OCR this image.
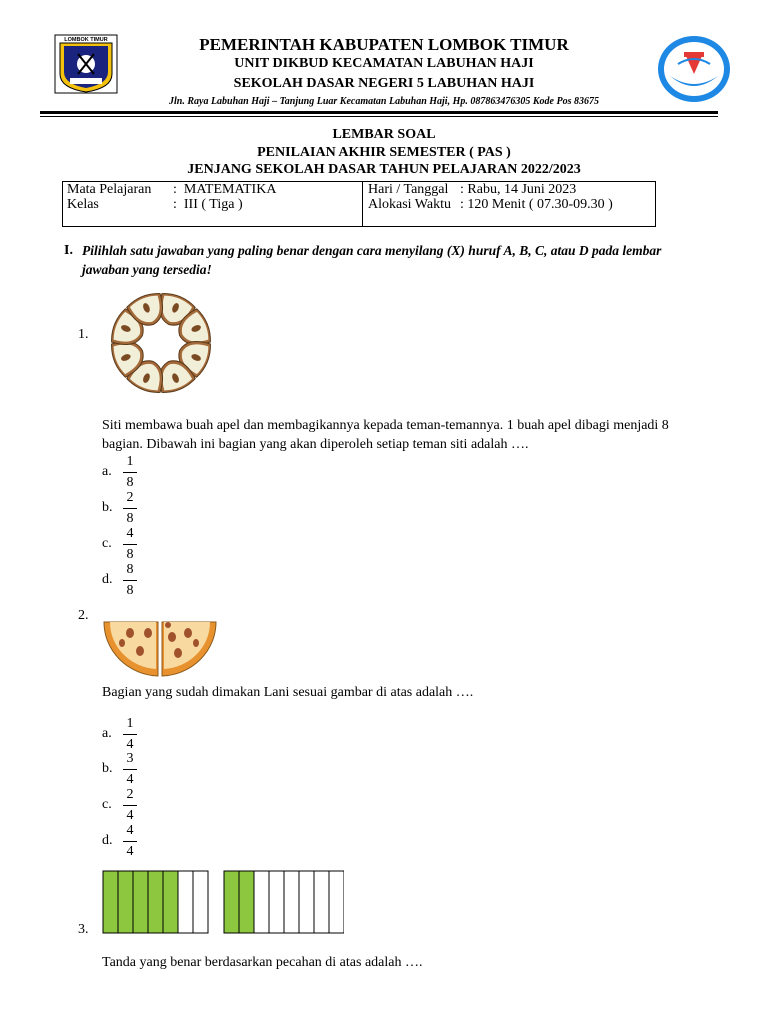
LOMBOK TIMUR	PEMERINTAH KABUPATEN LOMBOK TIMUR
UNIT DIKBUD KECAMATAN LABUHAN HAJI
SEKOLAH DASAR NEGERI 5 LABUHAN HAJI
Jln. Raya Labuhan Haji – Tanjung Luar Kecamatan Labuhan Haji, Hp. 087863476305 Kode Pos 83675
LEMBAR SOAL
PENILAIAN AKHIR SEMESTER ( PAS )
JENJANG SEKOLAH DASAR TAHUN PELAJARAN 2022/2023
Mata Pelajaran :  MATEMATIKA
Kelas	:  III ( Tiga )
Hari / Tanggal : Rabu, 14 Juni 2023
Alokasi Waktu : 120 Menit ( 07.30-09.30 )
I. Pilihlah satu jawaban yang paling benar dengan cara menyilang (X) huruf A, B, C, atau D pada lembar
jawaban yang tersedia!
1.
Siti membawa buah apel dan membagikannya kepada teman-temannya. 1 buah apel dibagi menjadi 8
bagian. Dibawah ini bagian yang akan diperoleh setiap teman siti adalah ….
a.
1
8
b.
2
8
c.
4
8
d.
8
8
2.
Bagian yang sudah dimakan Lani sesuai gambar di atas adalah ….
a.
1
4
b.
3
4
c.
2
4
d.
4
4
3.
Tanda yang benar berdasarkan pecahan di atas adalah ….
